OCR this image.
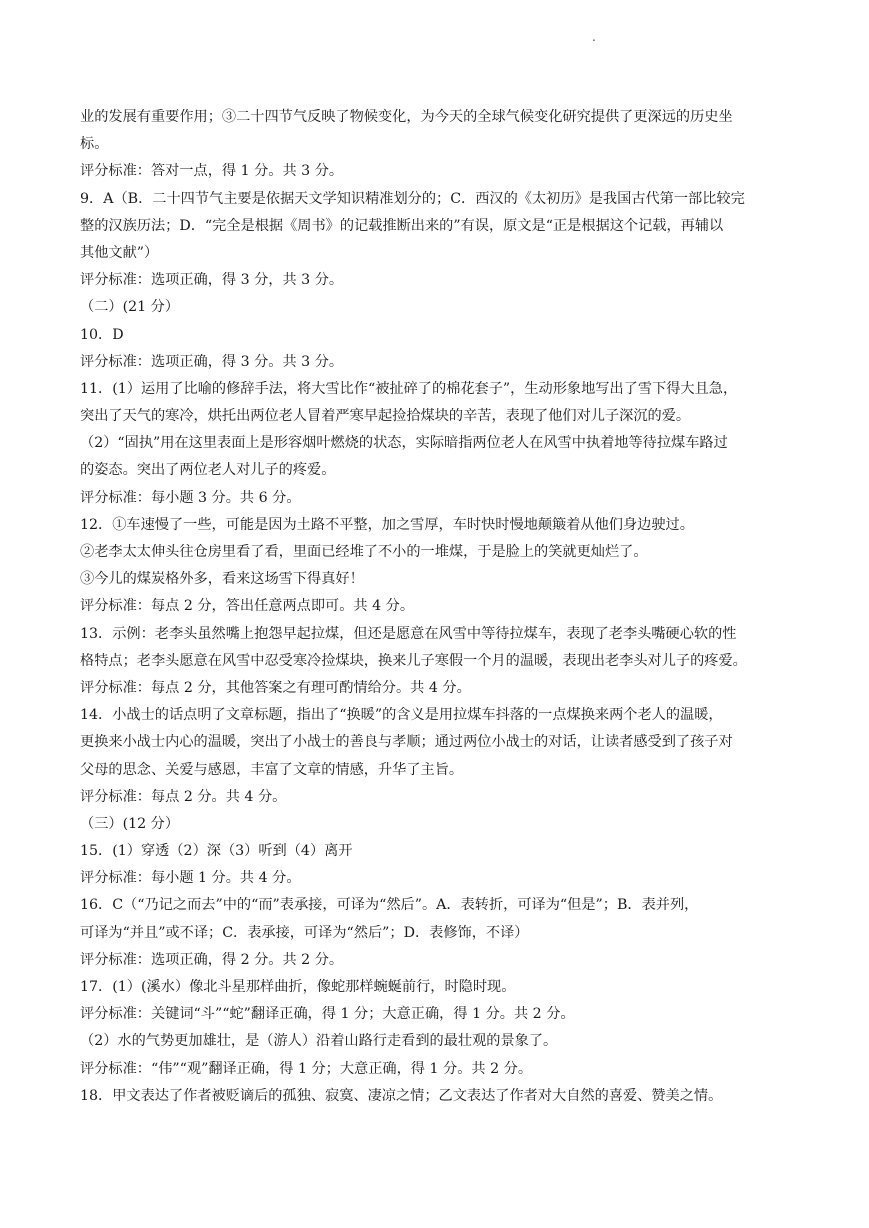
.
业的发展有重要作用；③二十四节气反映了物候变化，为今天的全球气候变化研究提供了更深远的历史坐
标。
评分标准：答对一点，得 1 分。共 3 分。
9．A（B．二十四节气主要是依据天文学知识精准划分的；C．西汉的《太初历》是我国古代第一部比较完
整的汉族历法；D．“完全是根据《周书》的记载推断出来的”有误，原文是“正是根据这个记载，再辅以
其他文献”）
评分标准：选项正确，得 3 分，共 3 分。
（二）(21 分）
10．D
评分标准：选项正确，得 3 分。共 3 分。
11．(1）运用了比喻的修辞手法，将大雪比作“被扯碎了的棉花套子”，生动形象地写出了雪下得大且急，
突出了天气的寒冷，烘托出两位老人冒着严寒早起捡拾煤块的辛苦，表现了他们对儿子深沉的爱。
（2）“固执”用在这里表面上是形容烟叶燃烧的状态，实际暗指两位老人在风雪中执着地等待拉煤车路过
的姿态。突出了两位老人对儿子的疼爱。
评分标准：每小题 3 分。共 6 分。
12．①车速慢了一些，可能是因为土路不平整，加之雪厚，车时快时慢地颠簸着从他们身边驶过。
②老李太太伸头往仓房里看了看，里面已经堆了不小的一堆煤，于是脸上的笑就更灿烂了。
③今儿的煤炭格外多，看来这场雪下得真好！
评分标准：每点 2 分，答出任意两点即可。共 4 分。
13．示例：老李头虽然嘴上抱怨早起拉煤，但还是愿意在风雪中等待拉煤车，表现了老李头嘴硬心软的性
格特点；老李头愿意在风雪中忍受寒冷捡煤块，换来儿子寒假一个月的温暖，表现出老李头对儿子的疼爱。
评分标准：每点 2 分，其他答案之有理可酌情给分。共 4 分。
14．小战士的话点明了文章标题，指出了“换暖”的含义是用拉煤车抖落的一点煤换来两个老人的温暖，
更换来小战士内心的温暖，突出了小战士的善良与孝顺；通过两位小战士的对话，让读者感受到了孩子对
父母的思念、关爱与感恩，丰富了文章的情感，升华了主旨。
评分标准：每点 2 分。共 4 分。
（三）(12 分）
15．(1）穿透（2）深（3）听到（4）离开
评分标准：每小题 1 分。共 4 分。
16．C（“乃记之而去”中的“而”表承接，可译为“然后”。A．表转折，可译为“但是”；B．表并列，
可译为“并且”或不译；C．表承接，可译为“然后”；D．表修饰，不译）
评分标准：选项正确，得 2 分。共 2 分。
17．(1）(溪水）像北斗星那样曲折，像蛇那样蜿蜒前行，时隐时现。
评分标准：关键词“斗”“蛇”翻译正确，得 1 分；大意正确，得 1 分。共 2 分。
（2）水的气势更加雄壮，是（游人）沿着山路行走看到的最壮观的景象了。
评分标准：“伟”“观”翻译正确，得 1 分；大意正确，得 1 分。共 2 分。
18．甲文表达了作者被贬谪后的孤独、寂寞、凄凉之情；乙文表达了作者对大自然的喜爱、赞美之情。
